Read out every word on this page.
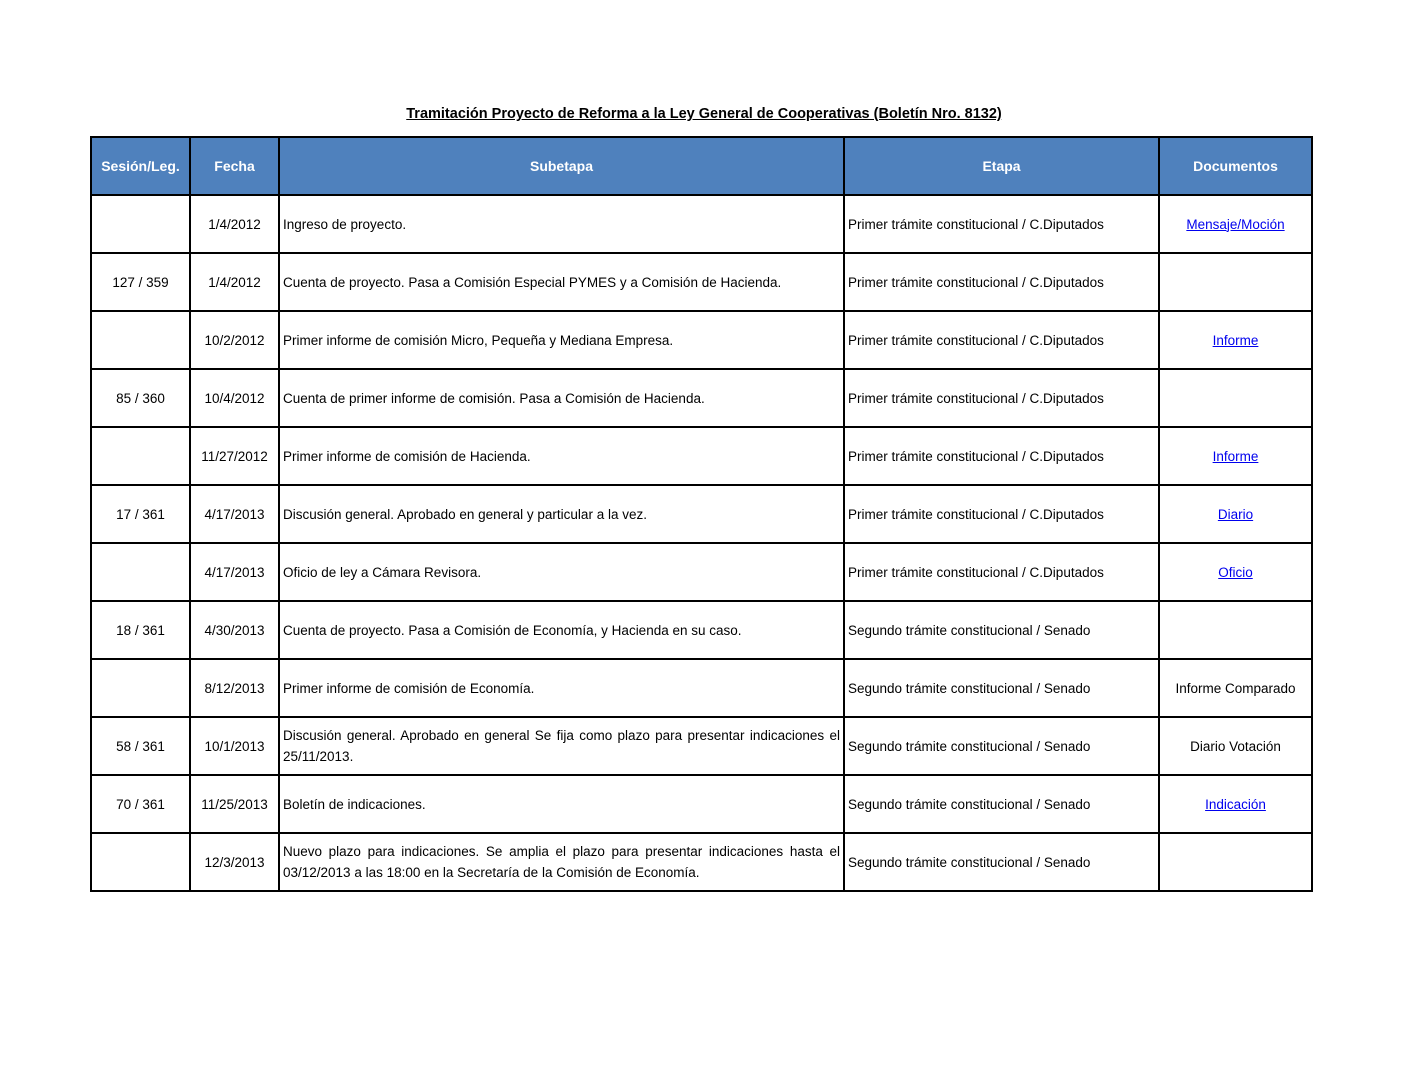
Tramitación Proyecto de Reforma a la Ley General de Cooperativas (Boletín Nro. 8132)
Sesión/Leg.	Fecha	Subetapa	Etapa	Documentos
	1/4/2012	Ingreso de proyecto.	Primer trámite constitucional / C.Diputados	Mensaje/Moción
127 / 359	1/4/2012	Cuenta de proyecto. Pasa a Comisión Especial PYMES y a Comisión de Hacienda.	Primer trámite constitucional / C.Diputados	
	10/2/2012	Primer informe de comisión Micro, Pequeña y Mediana Empresa.	Primer trámite constitucional / C.Diputados	Informe
85 / 360	10/4/2012	Cuenta de primer informe de comisión. Pasa a Comisión de Hacienda.	Primer trámite constitucional / C.Diputados	
	11/27/2012	Primer informe de comisión de Hacienda.	Primer trámite constitucional / C.Diputados	Informe
17 / 361	4/17/2013	Discusión general. Aprobado en general y particular a la vez.	Primer trámite constitucional / C.Diputados	Diario
	4/17/2013	Oficio de ley a Cámara Revisora.	Primer trámite constitucional / C.Diputados	Oficio
18 / 361	4/30/2013	Cuenta de proyecto. Pasa a Comisión de Economía, y Hacienda en su caso.	Segundo trámite constitucional / Senado	
	8/12/2013	Primer informe de comisión de Economía.	Segundo trámite constitucional / Senado	Informe Comparado
58 / 361	10/1/2013	Discusión general. Aprobado en general Se fija como plazo para presentar indicaciones el 25/11/2013.	Segundo trámite constitucional / Senado	Diario Votación
70 / 361	11/25/2013	Boletín de indicaciones.	Segundo trámite constitucional / Senado	Indicación
	12/3/2013	Nuevo plazo para indicaciones. Se amplia el plazo para presentar indicaciones hasta el 03/12/2013 a las 18:00 en la Secretaría de la Comisión de Economía.	Segundo trámite constitucional / Senado	
